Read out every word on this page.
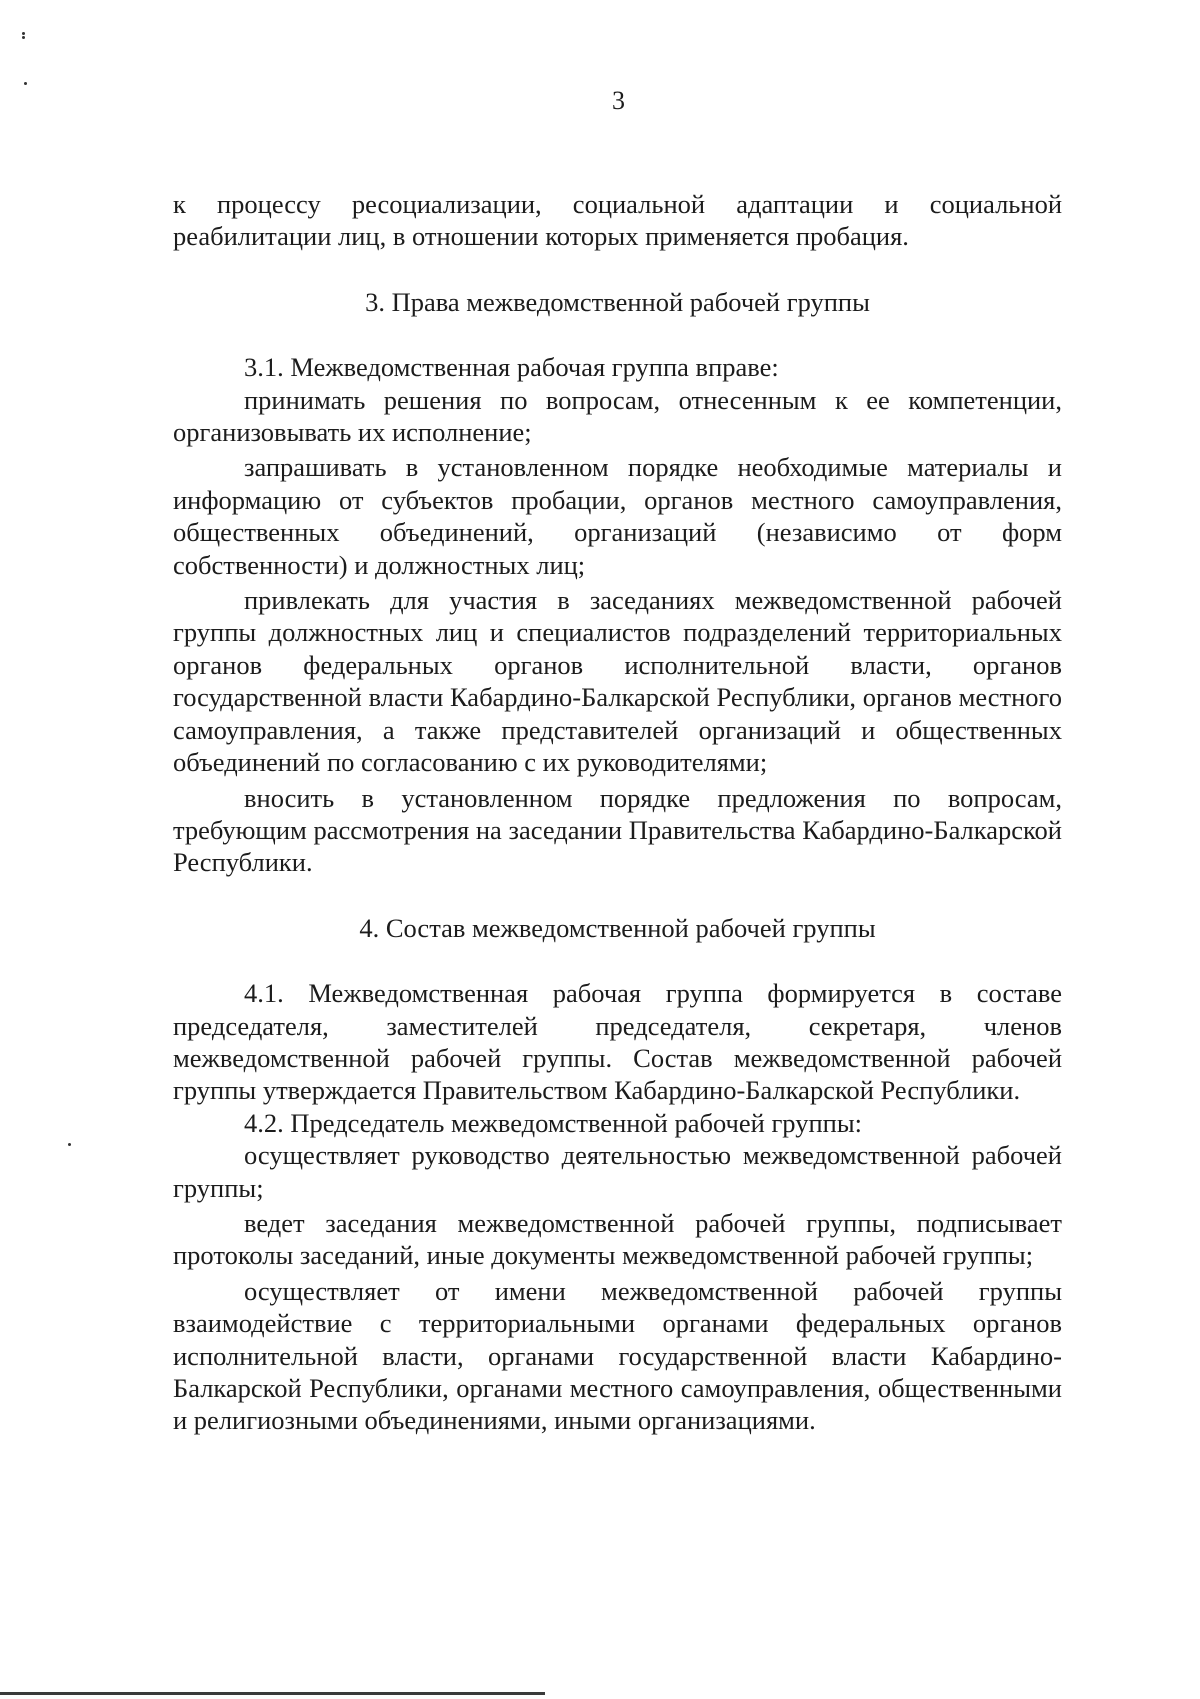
3

к процессу ресоциализации, социальной адаптации и социальной реабилитации лиц, в отношении которых применяется пробация.

3. Права межведомственной рабочей группы

3.1. Межведомственная рабочая группа вправе:

принимать решения по вопросам, отнесенным к ее компетенции, организовывать их исполнение;

запрашивать в установленном порядке необходимые материалы и информацию от субъектов пробации, органов местного самоуправления, общественных объединений, организаций (независимо от форм собственности) и должностных лиц;

привлекать для участия в заседаниях межведомственной рабочей группы должностных лиц и специалистов подразделений территориальных органов федеральных органов исполнительной власти, органов государственной власти Кабардино-Балкарской Республики, органов местного самоуправления, а также представителей организаций и общественных объединений по согласованию с их руководителями;

вносить в установленном порядке предложения по вопросам, требующим рассмотрения на заседании Правительства Кабардино-Балкарской Республики.

4. Состав межведомственной рабочей группы

4.1. Межведомственная рабочая группа формируется в составе председателя, заместителей председателя, секретаря, членов межведомственной рабочей группы. Состав межведомственной рабочей группы утверждается Правительством Кабардино-Балкарской Республики.

4.2. Председатель межведомственной рабочей группы:

осуществляет руководство деятельностью межведомственной рабочей группы;

ведет заседания межведомственной рабочей группы, подписывает протоколы заседаний, иные документы межведомственной рабочей группы;

осуществляет от имени межведомственной рабочей группы взаимодействие с территориальными органами федеральных органов исполнительной власти, органами государственной власти Кабардино-Балкарской Республики, органами местного самоуправления, общественными и религиозными объединениями, иными организациями.
